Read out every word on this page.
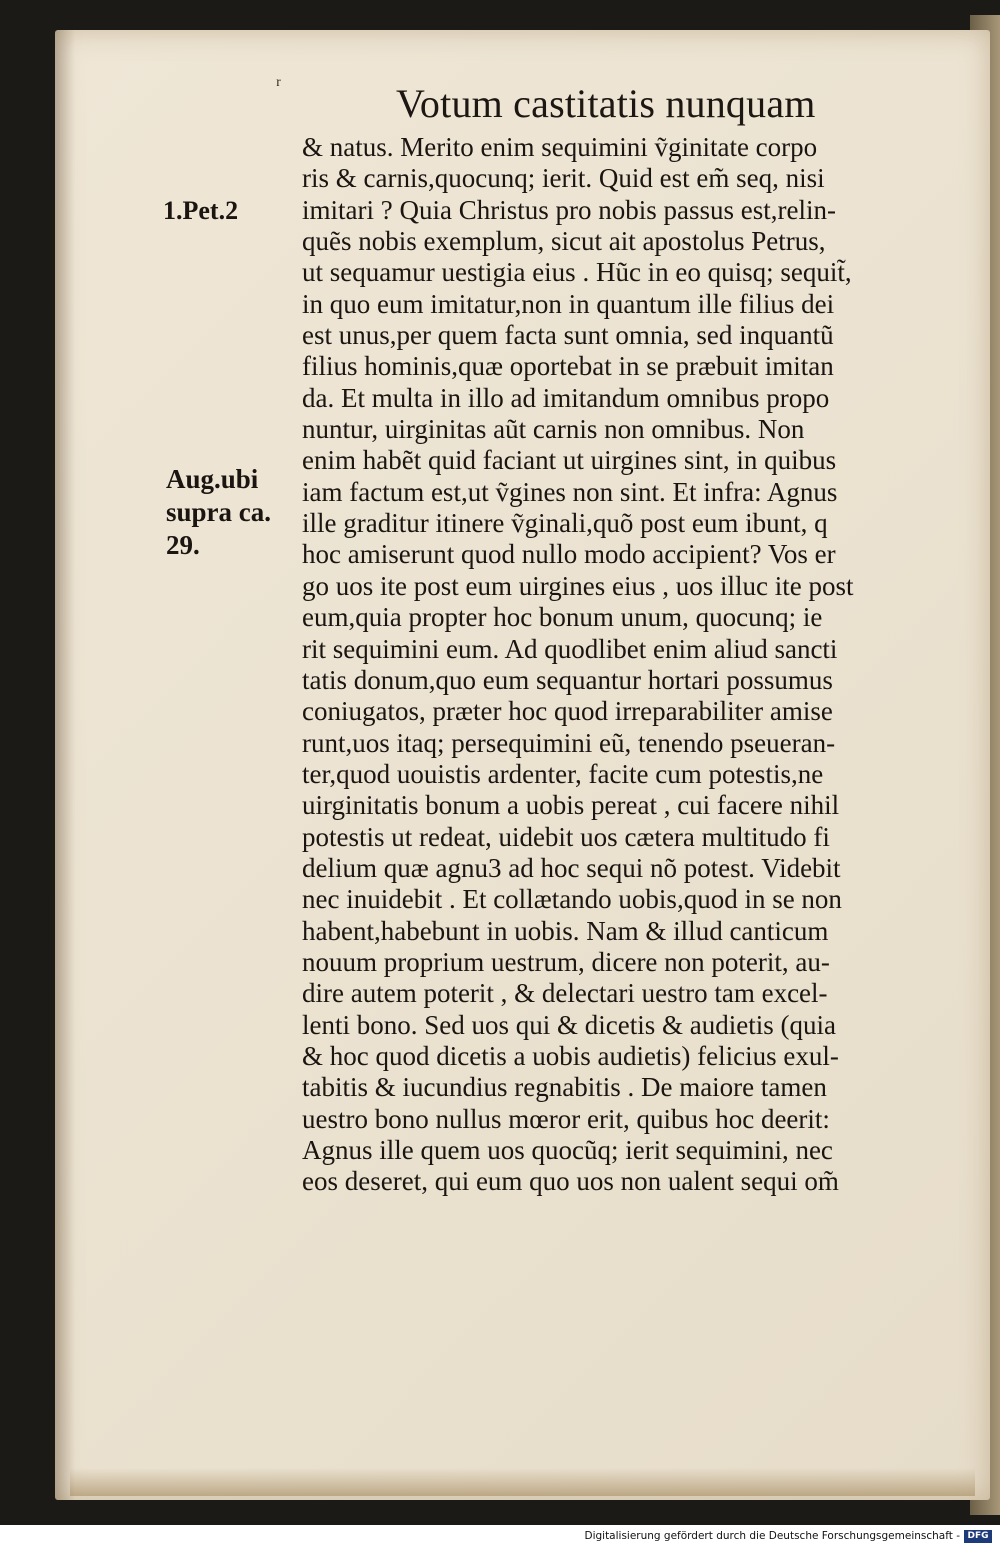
ʳ	Votum castitatis nunquam
1.Pet.2
Aug.ubi
supra ca.
29.
& natus. Merito enim sequimini ṽginitate corpo
ris & carnis,quocunq; ierit. Quid est em̃ seq, nisi
imitari ? Quia Christus pro nobis passus est,relin-
quẽs nobis exemplum, sicut ait apostolus Petrus,
ut sequamur uestigia eius . Hũc in eo quisq; sequit̃,
in quo eum imitatur,non in quantum ille filius dei
est unus,per quem facta sunt omnia, sed inquantũ
filius hominis,quæ oportebat in se præbuit imitan
da. Et multa in illo ad imitandum omnibus propo
nuntur, uirginitas aũt carnis non omnibus. Non
enim habẽt quid faciant ut uirgines sint, in quibus
iam factum est,ut ṽgines non sint. Et infra: Agnus
ille graditur itinere ṽginali,quõ post eum ibunt, q
hoc amiserunt quod nullo modo accipient? Vos er
go uos ite post eum uirgines eius , uos illuc ite post
eum,quia propter hoc bonum unum, quocunq; ie
rit sequimini eum. Ad quodlibet enim aliud sancti
tatis donum,quo eum sequantur hortari possumus
coniugatos, præter hoc quod irreparabiliter amise
runt,uos itaq; persequimini eũ, tenendo pseueran-
ter,quod uouistis ardenter, facite cum potestis,ne
uirginitatis bonum a uobis pereat , cui facere nihil
potestis ut redeat, uidebit uos cætera multitudo fi
delium quæ agnu3 ad hoc sequi nõ potest. Videbit
nec inuidebit . Et collætando uobis,quod in se non
habent,habebunt in uobis. Nam & illud canticum
nouum proprium uestrum, dicere non poterit, au-
dire autem poterit , & delectari uestro tam excel-
lenti bono. Sed uos qui & dicetis & audietis (quia
& hoc quod dicetis a uobis audietis) felicius exul-
tabitis & iucundius regnabitis . De maiore tamen
uestro bono nullus mœror erit, quibus hoc deerit:
Agnus ille quem uos quocũq; ierit sequimini, nec
eos deseret, qui eum quo uos non ualent sequi om̃
Digitalisierung gefördert durch die Deutsche Forschungsgemeinschaft - DFG
